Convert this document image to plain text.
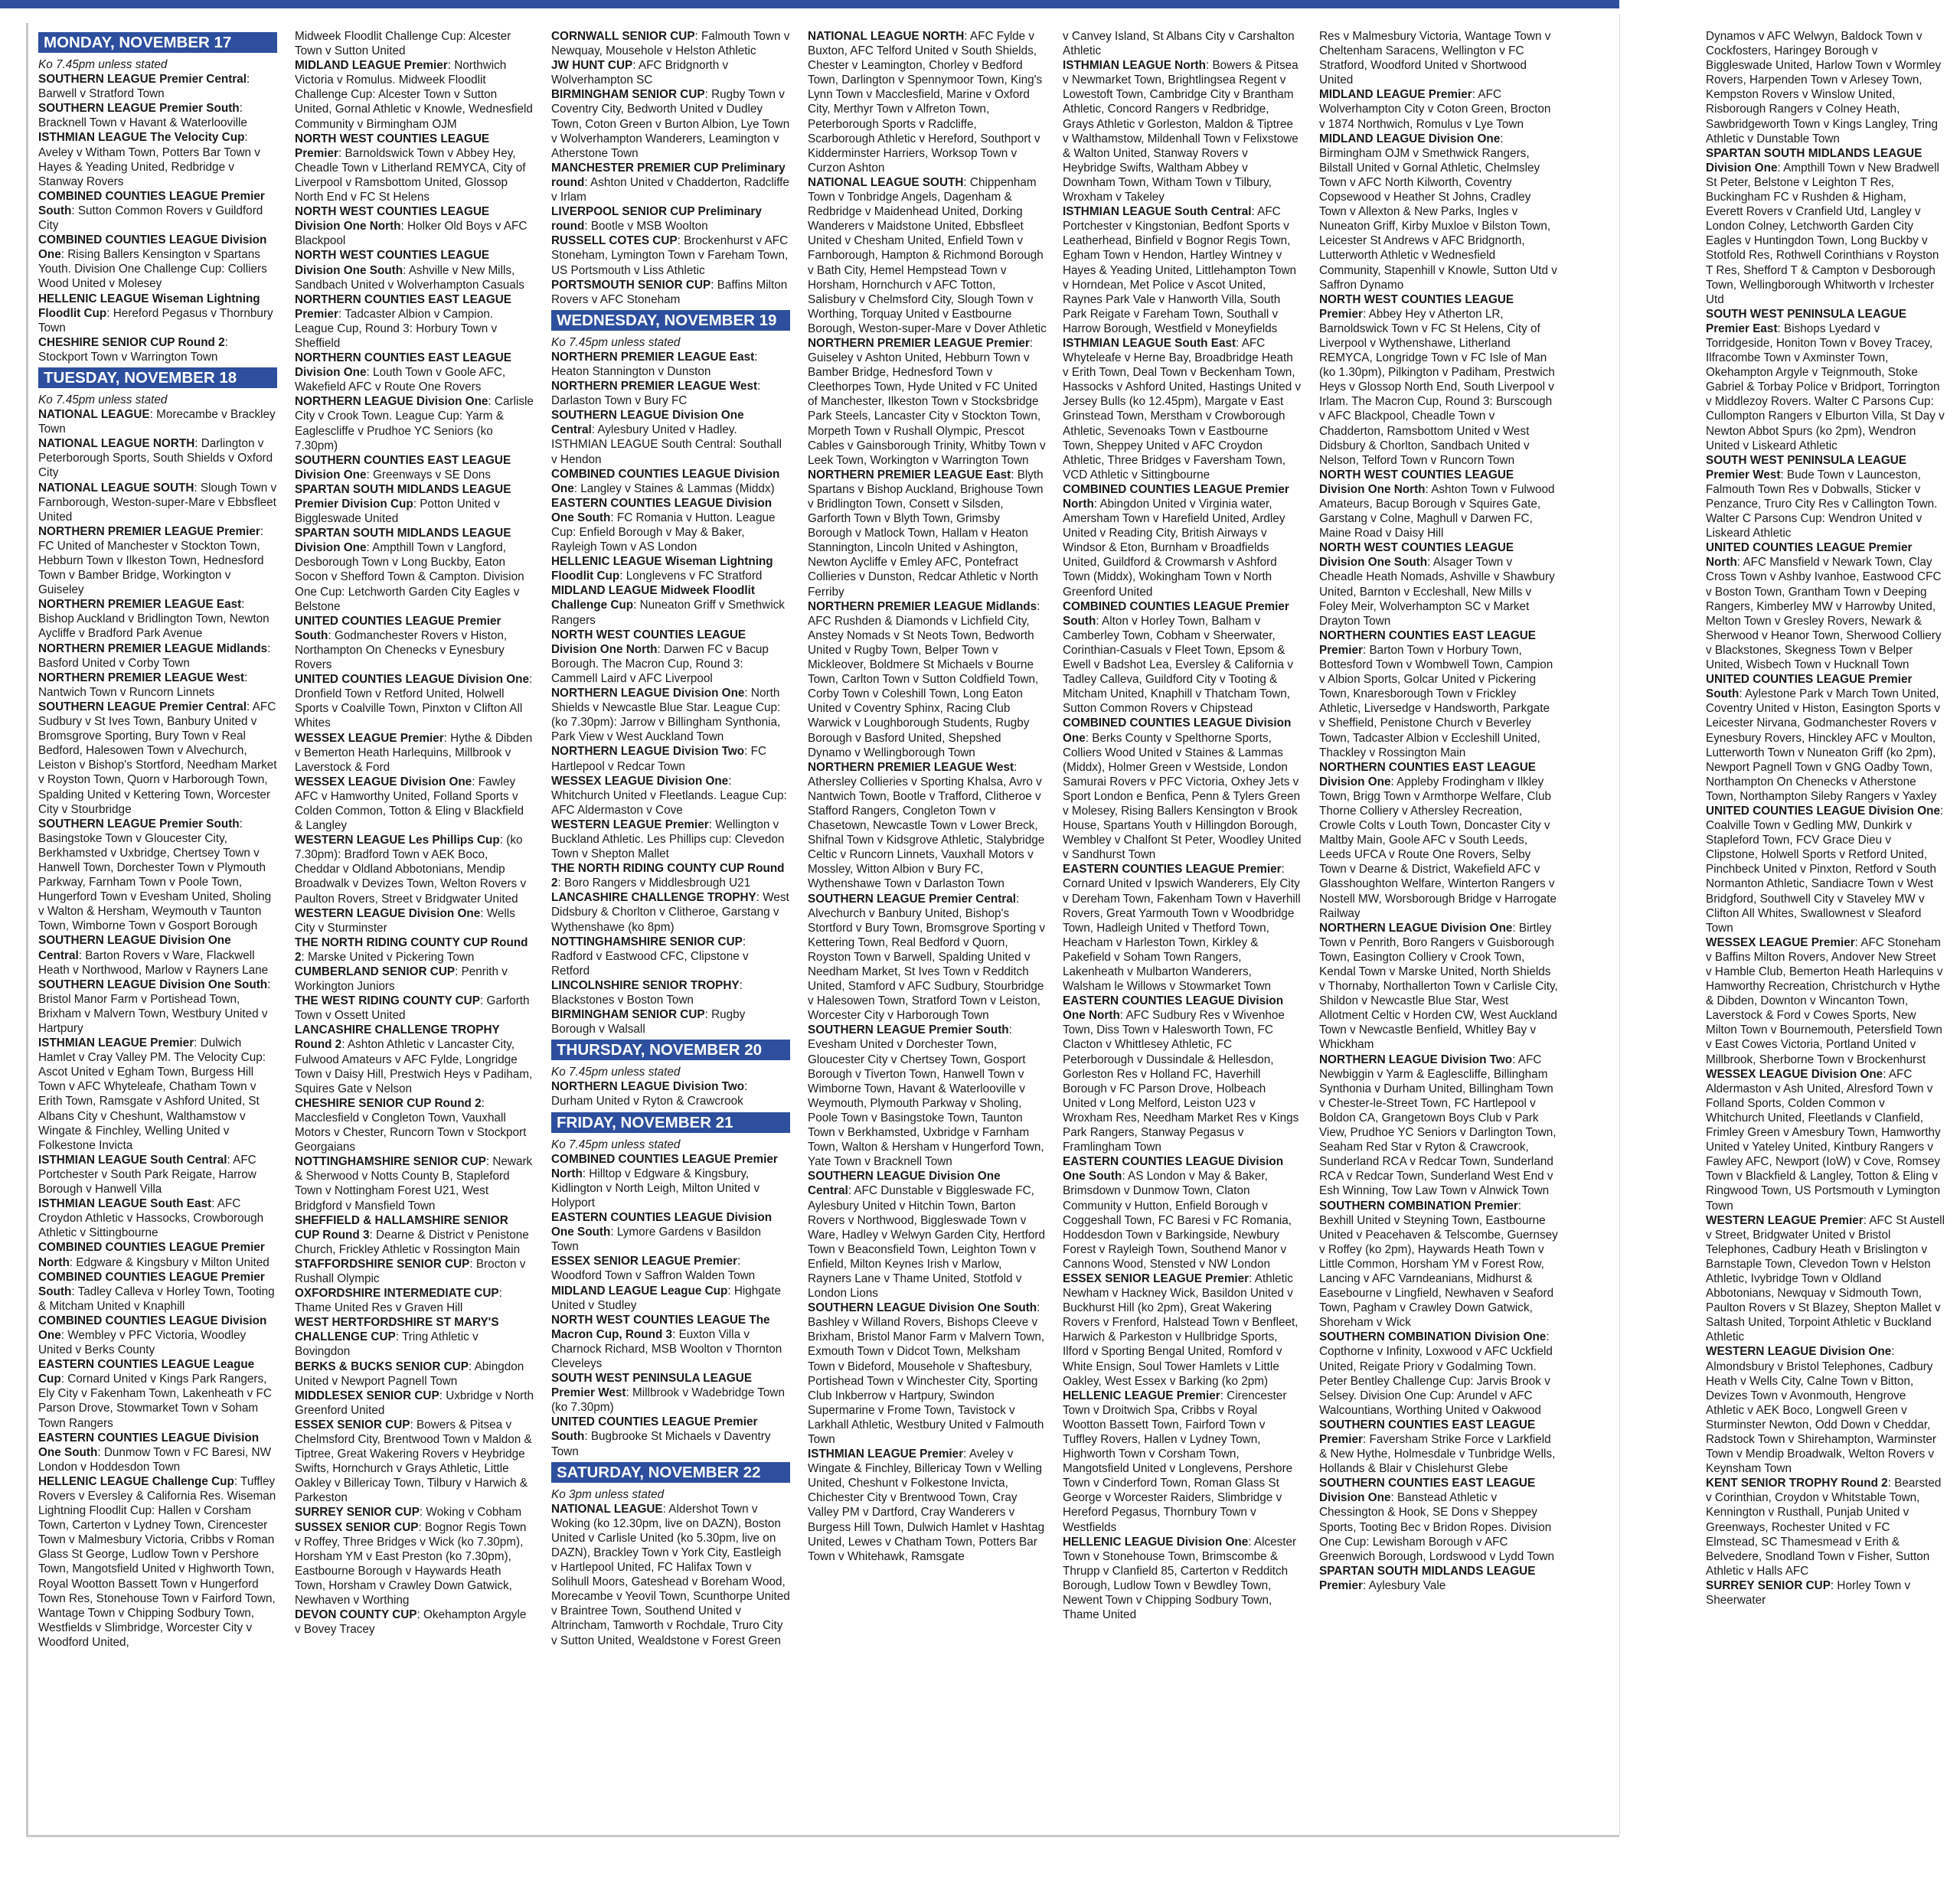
MONDAY, NOVEMBER 17

Ko 7.45pm unless stated

SOUTHERN LEAGUE Premier Central: Barwell v Stratford Town

SOUTHERN LEAGUE Premier South: Bracknell Town v Havant & Waterlooville

ISTHMIAN LEAGUE The Velocity Cup: Aveley v Witham Town, Potters Bar Town v Hayes & Yeading United, Redbridge v Stanway Rovers

COMBINED COUNTIES LEAGUE Premier South: Sutton Common Rovers v Guildford City

COMBINED COUNTIES LEAGUE Division One: Rising Ballers Kensington v Spartans Youth. Division One Challenge Cup: Colliers Wood United v Molesey

HELLENIC LEAGUE Wiseman Lightning Floodlit Cup: Hereford Pegasus v Thornbury Town

CHESHIRE SENIOR CUP Round 2: Stockport Town v Warrington Town

TUESDAY, NOVEMBER 18

Ko 7.45pm unless stated

NATIONAL LEAGUE: Morecambe v Brackley Town

NATIONAL LEAGUE NORTH: Darlington v Peterborough Sports, South Shields v Oxford City

NATIONAL LEAGUE SOUTH: Slough Town v Farnborough, Weston-super-Mare v Ebbsfleet United

NORTHERN PREMIER LEAGUE Premier: FC United of Manchester v Stockton Town, Hebburn Town v Ilkeston Town, Hednesford Town v Bamber Bridge, Workington v Guiseley

NORTHERN PREMIER LEAGUE East: Bishop Auckland v Bridlington Town, Newton Aycliffe v Bradford Park Avenue

NORTHERN PREMIER LEAGUE Midlands: Basford United v Corby Town

NORTHERN PREMIER LEAGUE West: Nantwich Town v Runcorn Linnets

SOUTHERN LEAGUE Premier Central: AFC Sudbury v St Ives Town, Banbury United v Bromsgrove Sporting, Bury Town v Real Bedford, Halesowen Town v Alvechurch, Leiston v Bishop's Stortford, Needham Market v Royston Town, Quorn v Harborough Town, Spalding United v Kettering Town, Worcester City v Stourbridge

SOUTHERN LEAGUE Premier South: Basingstoke Town v Gloucester City, Berkhamsted v Uxbridge, Chertsey Town v Hanwell Town, Dorchester Town v Plymouth Parkway, Farnham Town v Poole Town, Hungerford Town v Evesham United, Sholing v Walton & Hersham, Weymouth v Taunton Town, Wimborne Town v Gosport Borough

SOUTHERN LEAGUE Division One Central: Barton Rovers v Ware, Flackwell Heath v Northwood, Marlow v Rayners Lane

SOUTHERN LEAGUE Division One South: Bristol Manor Farm v Portishead Town, Brixham v Malvern Town, Westbury United v Hartpury

ISTHMIAN LEAGUE Premier: Dulwich Hamlet v Cray Valley PM. The Velocity Cup: Ascot United v Egham Town, Burgess Hill Town v AFC Whyteleafe, Chatham Town v Erith Town, Ramsgate v Ashford United, St Albans City v Cheshunt, Walthamstow v Wingate & Finchley, Welling United v Folkestone Invicta

ISTHMIAN LEAGUE South Central: AFC Portchester v South Park Reigate, Harrow Borough v Hanwell Villa

ISTHMIAN LEAGUE South East: AFC Croydon Athletic v Hassocks, Crowborough Athletic v Sittingbourne

COMBINED COUNTIES LEAGUE Premier North: Edgware & Kingsbury v Milton United

COMBINED COUNTIES LEAGUE Premier South: Tadley Calleva v Horley Town, Tooting & Mitcham United v Knaphill

COMBINED COUNTIES LEAGUE Division One: Wembley v PFC Victoria, Woodley United v Berks County

EASTERN COUNTIES LEAGUE League Cup: Cornard United v Kings Park Rangers, Ely City v Fakenham Town, Lakenheath v FC Parson Drove, Stowmarket Town v Soham Town Rangers

EASTERN COUNTIES LEAGUE Division One South: Dunmow Town v FC Baresi, NW London v Hoddesdon Town

HELLENIC LEAGUE Challenge Cup: Tuffley Rovers v Eversley & California Res. Wiseman Lightning Floodlit Cup: Hallen v Corsham Town, Carterton v Lydney Town, Cirencester Town v Malmesbury Victoria, Cribbs v Roman Glass St George, Ludlow Town v Pershore Town, Mangotsfield United v Highworth Town, Royal Wootton Bassett Town v Hungerford Town Res, Stonehouse Town v Fairford Town, Wantage Town v Chipping Sodbury Town, Westfields v Slimbridge, Worcester City v Woodford United,

Midweek Floodlit Challenge Cup: Alcester Town v Sutton United

MIDLAND LEAGUE Premier: Northwich Victoria v Romulus. Midweek Floodlit Challenge Cup: Alcester Town v Sutton United, Gornal Athletic v Knowle, Wednesfield Community v Birmingham OJM

NORTH WEST COUNTIES LEAGUE Premier: Barnoldswick Town v Abbey Hey, Cheadle Town v Litherland REMYCA, City of Liverpool v Ramsbottom United, Glossop North End v FC St Helens

NORTH WEST COUNTIES LEAGUE Division One North: Holker Old Boys v AFC Blackpool

NORTH WEST COUNTIES LEAGUE Division One South: Ashville v New Mills, Sandbach United v Wolverhampton Casuals

NORTHERN COUNTIES EAST LEAGUE Premier: Tadcaster Albion v Campion. League Cup, Round 3: Horbury Town v Sheffield

NORTHERN COUNTIES EAST LEAGUE Division One: Louth Town v Goole AFC, Wakefield AFC v Route One Rovers

NORTHERN LEAGUE Division One: Carlisle City v Crook Town. League Cup: Yarm & Eaglescliffe v Prudhoe YC Seniors (ko 7.30pm)

SOUTHERN COUNTIES EAST LEAGUE Division One: Greenways v SE Dons

SPARTAN SOUTH MIDLANDS LEAGUE Premier Division Cup: Potton United v Biggleswade United

SPARTAN SOUTH MIDLANDS LEAGUE Division One: Ampthill Town v Langford, Desborough Town v Long Buckby, Eaton Socon v Shefford Town & Campton. Division One Cup: Letchworth Garden City Eagles v Belstone

UNITED COUNTIES LEAGUE Premier South: Godmanchester Rovers v Histon, Northampton On Chenecks v Eynesbury Rovers

UNITED COUNTIES LEAGUE Division One: Dronfield Town v Retford United, Holwell Sports v Coalville Town, Pinxton v Clifton All Whites

WESSEX LEAGUE Premier: Hythe & Dibden v Bemerton Heath Harlequins, Millbrook v Laverstock & Ford

WESSEX LEAGUE Division One: Fawley AFC v Hamworthy United, Folland Sports v Colden Common, Totton & Eling v Blackfield & Langley

WESTERN LEAGUE Les Phillips Cup: (ko 7.30pm): Bradford Town v AEK Boco, Cheddar v Oldland Abbotonians, Mendip Broadwalk v Devizes Town, Welton Rovers v Paulton Rovers, Street v Bridgwater United

WESTERN LEAGUE Division One: Wells City v Sturminster

THE NORTH RIDING COUNTY CUP Round 2: Marske United v Pickering Town

CUMBERLAND SENIOR CUP: Penrith v Workington Juniors

THE WEST RIDING COUNTY CUP: Garforth Town v Ossett United

LANCASHIRE CHALLENGE TROPHY Round 2: Ashton Athletic v Lancaster City, Fulwood Amateurs v AFC Fylde, Longridge Town v Daisy Hill, Prestwich Heys v Padiham, Squires Gate v Nelson

CHESHIRE SENIOR CUP Round 2: Macclesfield v Congleton Town, Vauxhall Motors v Chester, Runcorn Town v Stockport Georgaians

NOTTINGHAMSHIRE SENIOR CUP: Newark & Sherwood v Notts County B, Stapleford Town v Nottingham Forest U21, West Bridgford v Mansfield Town

SHEFFIELD & HALLAMSHIRE SENIOR CUP Round 3: Dearne & District v Penistone Church, Frickley Athletic v Rossington Main

STAFFORDSHIRE SENIOR CUP: Brocton v Rushall Olympic

OXFORDSHIRE INTERMEDIATE CUP: Thame United Res v Graven Hill

WEST HERTFORDSHIRE ST MARY'S CHALLENGE CUP: Tring Athletic v Bovingdon

BERKS & BUCKS SENIOR CUP: Abingdon United v Newport Pagnell Town

MIDDLESEX SENIOR CUP: Uxbridge v North Greenford United

ESSEX SENIOR CUP: Bowers & Pitsea v Chelmsford City, Brentwood Town v Maldon & Tiptree, Great Wakering Rovers v Heybridge Swifts, Hornchurch v Grays Athletic, Little Oakley v Billericay Town, Tilbury v Harwich & Parkeston

SURREY SENIOR CUP: Woking v Cobham

SUSSEX SENIOR CUP: Bognor Regis Town v Roffey, Three Bridges v Wick (ko 7.30pm), Horsham YM v East Preston (ko 7.30pm), Eastbourne Borough v Haywards Heath Town, Horsham v Crawley Down Gatwick, Newhaven v Worthing

DEVON COUNTY CUP: Okehampton Argyle v Bovey Tracey

CORNWALL SENIOR CUP: Falmouth Town v Newquay, Mousehole v Helston Athletic

JW HUNT CUP: AFC Bridgnorth v Wolverhampton SC

BIRMINGHAM SENIOR CUP: Rugby Town v Coventry City, Bedworth United v Dudley Town, Coton Green v Burton Albion, Lye Town v Wolverhampton Wanderers, Leamington v Atherstone Town

MANCHESTER PREMIER CUP Preliminary round: Ashton United v Chadderton, Radcliffe v Irlam

LIVERPOOL SENIOR CUP Preliminary round: Bootle v MSB Woolton

RUSSELL COTES CUP: Brockenhurst v AFC Stoneham, Lymington Town v Fareham Town, US Portsmouth v Liss Athletic

PORTSMOUTH SENIOR CUP: Baffins Milton Rovers v AFC Stoneham

WEDNESDAY, NOVEMBER 19

Ko 7.45pm unless stated

NORTHERN PREMIER LEAGUE East: Heaton Stannington v Dunston

NORTHERN PREMIER LEAGUE West: Darlaston Town v Bury FC

SOUTHERN LEAGUE Division One Central: Aylesbury United v Hadley. ISTHMIAN LEAGUE South Central: Southall v Hendon

COMBINED COUNTIES LEAGUE Division One: Langley v Staines & Lammas (Middx)

EASTERN COUNTIES LEAGUE Division One South: FC Romania v Hutton. League Cup: Enfield Borough v May & Baker, Rayleigh Town v AS London

HELLENIC LEAGUE Wiseman Lightning Floodlit Cup: Longlevens v FC Stratford

MIDLAND LEAGUE Midweek Floodlit Challenge Cup: Nuneaton Griff v Smethwick Rangers

NORTH WEST COUNTIES LEAGUE Division One North: Darwen FC v Bacup Borough. The Macron Cup, Round 3: Cammell Laird v AFC Liverpool

NORTHERN LEAGUE Division One: North Shields v Newcastle Blue Star. League Cup: (ko 7.30pm): Jarrow v Billingham Synthonia, Park View v West Auckland Town

NORTHERN LEAGUE Division Two: FC Hartlepool v Redcar Town

WESSEX LEAGUE Division One: Whitchurch United v Fleetlands. League Cup: AFC Aldermaston v Cove

WESTERN LEAGUE Premier: Wellington v Buckland Athletic. Les Phillips cup: Clevedon Town v Shepton Mallet

THE NORTH RIDING COUNTY CUP Round 2: Boro Rangers v Middlesbrough U21

LANCASHIRE CHALLENGE TROPHY: West Didsbury & Chorlton v Clitheroe, Garstang v Wythenshawe (ko 8pm)

NOTTINGHAMSHIRE SENIOR CUP: Radford v Eastwood CFC, Clipstone v Retford

LINCOLNSHIRE SENIOR TROPHY: Blackstones v Boston Town

BIRMINGHAM SENIOR CUP: Rugby Borough v Walsall

THURSDAY, NOVEMBER 20

Ko 7.45pm unless stated

NORTHERN LEAGUE Division Two: Durham United v Ryton & Crawcrook

FRIDAY, NOVEMBER 21

Ko 7.45pm unless stated

COMBINED COUNTIES LEAGUE Premier North: Hilltop v Edgware & Kingsbury, Kidlington v North Leigh, Milton United v Holyport

EASTERN COUNTIES LEAGUE Division One South: Lymore Gardens v Basildon Town

ESSEX SENIOR LEAGUE Premier: Woodford Town v Saffron Walden Town

MIDLAND LEAGUE League Cup: Highgate United v Studley

NORTH WEST COUNTIES LEAGUE The Macron Cup, Round 3: Euxton Villa v Charnock Richard, MSB Woolton v Thornton Cleveleys

SOUTH WEST PENINSULA LEAGUE Premier West: Millbrook v Wadebridge Town (ko 7.30pm)

UNITED COUNTIES LEAGUE Premier South: Bugbrooke St Michaels v Daventry Town

SATURDAY, NOVEMBER 22

Ko 3pm unless stated

NATIONAL LEAGUE: Aldershot Town v Woking (ko 12.30pm, live on DAZN), Boston United v Carlisle United (ko 5.30pm, live on DAZN), Brackley Town v York City, Eastleigh v Hartlepool United, FC Halifax Town v Solihull Moors, Gateshead v Boreham Wood, Morecambe v Yeovil Town, Scunthorpe United v Braintree Town, Southend United v Altrincham, Tamworth v Rochdale, Truro City v Sutton United, Wealdstone v Forest Green

NATIONAL LEAGUE NORTH: AFC Fylde v Buxton, AFC Telford United v South Shields, Chester v Leamington, Chorley v Bedford Town, Darlington v Spennymoor Town, King's Lynn Town v Macclesfield, Marine v Oxford City, Merthyr Town v Alfreton Town, Peterborough Sports v Radcliffe, Scarborough Athletic v Hereford, Southport v Kidderminster Harriers, Worksop Town v Curzon Ashton

NATIONAL LEAGUE SOUTH: Chippenham Town v Tonbridge Angels, Dagenham & Redbridge v Maidenhead United, Dorking Wanderers v Maidstone United, Ebbsfleet United v Chesham United, Enfield Town v Farnborough, Hampton & Richmond Borough v Bath City, Hemel Hempstead Town v Horsham, Hornchurch v AFC Totton, Salisbury v Chelmsford City, Slough Town v Worthing, Torquay United v Eastbourne Borough, Weston-super-Mare v Dover Athletic

NORTHERN PREMIER LEAGUE Premier: Guiseley v Ashton United, Hebburn Town v Bamber Bridge, Hednesford Town v Cleethorpes Town, Hyde United v FC United of Manchester, Ilkeston Town v Stocksbridge Park Steels, Lancaster City v Stockton Town, Morpeth Town v Rushall Olympic, Prescot Cables v Gainsborough Trinity, Whitby Town v Leek Town, Workington v Warrington Town

NORTHERN PREMIER LEAGUE East: Blyth Spartans v Bishop Auckland, Brighouse Town v Bridlington Town, Consett v Silsden, Garforth Town v Blyth Town, Grimsby Borough v Matlock Town, Hallam v Heaton Stannington, Lincoln United v Ashington, Newton Aycliffe v Emley AFC, Pontefract Collieries v Dunston, Redcar Athletic v North Ferriby

NORTHERN PREMIER LEAGUE Midlands: AFC Rushden & Diamonds v Lichfield City, Anstey Nomads v St Neots Town, Bedworth United v Rugby Town, Belper Town v Mickleover, Boldmere St Michaels v Bourne Town, Carlton Town v Sutton Coldfield Town, Corby Town v Coleshill Town, Long Eaton United v Coventry Sphinx, Racing Club Warwick v Loughborough Students, Rugby Borough v Basford United, Shepshed Dynamo v Wellingborough Town

NORTHERN PREMIER LEAGUE West: Athersley Collieries v Sporting Khalsa, Avro v Nantwich Town, Bootle v Trafford, Clitheroe v Stafford Rangers, Congleton Town v Chasetown, Newcastle Town v Lower Breck, Shifnal Town v Kidsgrove Athletic, Stalybridge Celtic v Runcorn Linnets, Vauxhall Motors v Mossley, Witton Albion v Bury FC, Wythenshawe Town v Darlaston Town

SOUTHERN LEAGUE Premier Central: Alvechurch v Banbury United, Bishop's Stortford v Bury Town, Bromsgrove Sporting v Kettering Town, Real Bedford v Quorn, Royston Town v Barwell, Spalding United v Needham Market, St Ives Town v Redditch United, Stamford v AFC Sudbury, Stourbridge v Halesowen Town, Stratford Town v Leiston, Worcester City v Harborough Town

SOUTHERN LEAGUE Premier South: Evesham United v Dorchester Town, Gloucester City v Chertsey Town, Gosport Borough v Tiverton Town, Hanwell Town v Wimborne Town, Havant & Waterlooville v Weymouth, Plymouth Parkway v Sholing, Poole Town v Basingstoke Town, Taunton Town v Berkhamsted, Uxbridge v Farnham Town, Walton & Hersham v Hungerford Town, Yate Town v Bracknell Town

SOUTHERN LEAGUE Division One Central: AFC Dunstable v Biggleswade FC, Aylesbury United v Hitchin Town, Barton Rovers v Northwood, Biggleswade Town v Ware, Hadley v Welwyn Garden City, Hertford Town v Beaconsfield Town, Leighton Town v Enfield, Milton Keynes Irish v Marlow, Rayners Lane v Thame United, Stotfold v London Lions

SOUTHERN LEAGUE Division One South: Bashley v Willand Rovers, Bishops Cleeve v Brixham, Bristol Manor Farm v Malvern Town, Exmouth Town v Didcot Town, Melksham Town v Bideford, Mousehole v Shaftesbury, Portishead Town v Winchester City, Sporting Club Inkberrow v Hartpury, Swindon Supermarine v Frome Town, Tavistock v Larkhall Athletic, Westbury United v Falmouth Town

ISTHMIAN LEAGUE Premier: Aveley v Wingate & Finchley, Billericay Town v Welling United, Cheshunt v Folkestone Invicta, Chichester City v Brentwood Town, Cray Valley PM v Dartford, Cray Wanderers v Burgess Hill Town, Dulwich Hamlet v Hashtag United, Lewes v Chatham Town, Potters Bar Town v Whitehawk, Ramsgate

v Canvey Island, St Albans City v Carshalton Athletic

ISTHMIAN LEAGUE North: Bowers & Pitsea v Newmarket Town, Brightlingsea Regent v Lowestoft Town, Cambridge City v Brantham Athletic, Concord Rangers v Redbridge, Grays Athletic v Gorleston, Maldon & Tiptree v Walthamstow, Mildenhall Town v Felixstowe & Walton United, Stanway Rovers v Heybridge Swifts, Waltham Abbey v Downham Town, Witham Town v Tilbury, Wroxham v Takeley

ISTHMIAN LEAGUE South Central: AFC Portchester v Kingstonian, Bedfont Sports v Leatherhead, Binfield v Bognor Regis Town, Egham Town v Hendon, Hartley Wintney v Hayes & Yeading United, Littlehampton Town v Horndean, Met Police v Ascot United, Raynes Park Vale v Hanworth Villa, South Park Reigate v Fareham Town, Southall v Harrow Borough, Westfield v Moneyfields

ISTHMIAN LEAGUE South East: AFC Whyteleafe v Herne Bay, Broadbridge Heath v Erith Town, Deal Town v Beckenham Town, Hassocks v Ashford United, Hastings United v Jersey Bulls (ko 12.45pm), Margate v East Grinstead Town, Merstham v Crowborough Athletic, Sevenoaks Town v Eastbourne Town, Sheppey United v AFC Croydon Athletic, Three Bridges v Faversham Town, VCD Athletic v Sittingbourne

COMBINED COUNTIES LEAGUE Premier North: Abingdon United v Virginia water, Amersham Town v Harefield United, Ardley United v Reading City, British Airways v Windsor & Eton, Burnham v Broadfields United, Guildford & Crowmarsh v Ashford Town (Middx), Wokingham Town v North Greenford United

COMBINED COUNTIES LEAGUE Premier South: Alton v Horley Town, Balham v Camberley Town, Cobham v Sheerwater, Corinthian-Casuals v Fleet Town, Epsom & Ewell v Badshot Lea, Eversley & California v Tadley Calleva, Guildford City v Tooting & Mitcham United, Knaphill v Thatcham Town, Sutton Common Rovers v Chipstead

COMBINED COUNTIES LEAGUE Division One: Berks County v Spelthorne Sports, Colliers Wood United v Staines & Lammas (Middx), Holmer Green v Westside, London Samurai Rovers v PFC Victoria, Oxhey Jets v Sport London e Benfica, Penn & Tylers Green v Molesey, Rising Ballers Kensington v Brook House, Spartans Youth v Hillingdon Borough, Wembley v Chalfont St Peter, Woodley United v Sandhurst Town

EASTERN COUNTIES LEAGUE Premier: Cornard United v Ipswich Wanderers, Ely City v Dereham Town, Fakenham Town v Haverhill Rovers, Great Yarmouth Town v Woodbridge Town, Hadleigh United v Thetford Town, Heacham v Harleston Town, Kirkley & Pakefield v Soham Town Rangers, Lakenheath v Mulbarton Wanderers, Walsham le Willows v Stowmarket Town

EASTERN COUNTIES LEAGUE Division One North: AFC Sudbury Res v Wivenhoe Town, Diss Town v Halesworth Town, FC Clacton v Whittlesey Athletic, FC Peterborough v Dussindale & Hellesdon, Gorleston Res v Holland FC, Haverhill Borough v FC Parson Drove, Holbeach United v Long Melford, Leiston U23 v Wroxham Res, Needham Market Res v Kings Park Rangers, Stanway Pegasus v Framlingham Town

EASTERN COUNTIES LEAGUE Division One South: AS London v May & Baker, Brimsdown v Dunmow Town, Claton Community v Hutton, Enfield Borough v Coggeshall Town, FC Baresi v FC Romania, Hoddesdon Town v Barkingside, Newbury Forest v Rayleigh Town, Southend Manor v Cannons Wood, Stensted v NW London

ESSEX SENIOR LEAGUE Premier: Athletic Newham v Hackney Wick, Basildon United v Buckhurst Hill (ko 2pm), Great Wakering Rovers v Frenford, Halstead Town v Benfleet, Harwich & Parkeston v Hullbridge Sports, Ilford v Sporting Bengal United, Romford v White Ensign, Soul Tower Hamlets v Little Oakley, West Essex v Barking (ko 2pm)

HELLENIC LEAGUE Premier: Cirencester Town v Droitwich Spa, Cribbs v Royal Wootton Bassett Town, Fairford Town v Tuffley Rovers, Hallen v Lydney Town, Highworth Town v Corsham Town, Mangotsfield United v Longlevens, Pershore Town v Cinderford Town, Roman Glass St George v Worcester Raiders, Slimbridge v Hereford Pegasus, Thornbury Town v Westfields

HELLENIC LEAGUE Division One: Alcester Town v Stonehouse Town, Brimscombe & Thrupp v Clanfield 85, Carterton v Redditch Borough, Ludlow Town v Bewdley Town, Newent Town v Chipping Sodbury Town, Thame United

Res v Malmesbury Victoria, Wantage Town v Cheltenham Saracens, Wellington v FC Stratford, Woodford United v Shortwood United

MIDLAND LEAGUE Premier: AFC Wolverhampton City v Coton Green, Brocton v 1874 Northwich, Romulus v Lye Town

MIDLAND LEAGUE Division One: Birmingham OJM v Smethwick Rangers, Bilstall United v Gornal Athletic, Chelmsley Town v AFC North Kilworth, Coventry Copsewood v Heather St Johns, Cradley Town v Allexton & New Parks, Ingles v Nuneaton Griff, Kirby Muxloe v Bilston Town, Leicester St Andrews v AFC Bridgnorth, Lutterworth Athletic v Wednesfield Community, Stapenhill v Knowle, Sutton Utd v Saffron Dynamo

NORTH WEST COUNTIES LEAGUE Premier: Abbey Hey v Atherton LR, Barnoldswick Town v FC St Helens, City of Liverpool v Wythenshawe, Litherland REMYCA, Longridge Town v FC Isle of Man (ko 1.30pm), Pilkington v Padiham, Prestwich Heys v Glossop North End, South Liverpool v Irlam. The Macron Cup, Round 3: Burscough v AFC Blackpool, Cheadle Town v Chadderton, Ramsbottom United v West Didsbury & Chorlton, Sandbach United v Nelson, Telford Town v Runcorn Town

NORTH WEST COUNTIES LEAGUE Division One North: Ashton Town v Fulwood Amateurs, Bacup Borough v Squires Gate, Garstang v Colne, Maghull v Darwen FC, Maine Road v Daisy Hill

NORTH WEST COUNTIES LEAGUE Division One South: Alsager Town v Cheadle Heath Nomads, Ashville v Shawbury United, Barnton v Eccleshall, New Mills v Foley Meir, Wolverhampton SC v Market Drayton Town

NORTHERN COUNTIES EAST LEAGUE Premier: Barton Town v Horbury Town, Bottesford Town v Wombwell Town, Campion v Albion Sports, Golcar United v Pickering Town, Knaresborough Town v Frickley Athletic, Liversedge v Handsworth, Parkgate v Sheffield, Penistone Church v Beverley Town, Tadcaster Albion v Eccleshill United, Thackley v Rossington Main

NORTHERN COUNTIES EAST LEAGUE Division One: Appleby Frodingham v Ilkley Town, Brigg Town v Armthorpe Welfare, Club Thorne Colliery v Athersley Recreation, Crowle Colts v Louth Town, Doncaster City v Maltby Main, Goole AFC v South Leeds, Leeds UFCA v Route One Rovers, Selby Town v Dearne & District, Wakefield AFC v Glasshoughton Welfare, Winterton Rangers v Nostell MW, Worsborough Bridge v Harrogate Railway

NORTHERN LEAGUE Division One: Birtley Town v Penrith, Boro Rangers v Guisborough Town, Easington Colliery v Crook Town, Kendal Town v Marske United, North Shields v Thornaby, Northallerton Town v Carlisle City, Shildon v Newcastle Blue Star, West Allotment Celtic v Horden CW, West Auckland Town v Newcastle Benfield, Whitley Bay v Whickham

NORTHERN LEAGUE Division Two: AFC Newbiggin v Yarm & Eaglescliffe, Billingham Synthonia v Durham United, Billingham Town v Chester-le-Street Town, FC Hartlepool v Boldon CA, Grangetown Boys Club v Park View, Prudhoe YC Seniors v Darlington Town, Seaham Red Star v Ryton & Crawcrook, Sunderland RCA v Redcar Town, Sunderland RCA v Redcar Town, Sunderland West End v Esh Winning, Tow Law Town v Alnwick Town

SOUTHERN COMBINATION Premier: Bexhill United v Steyning Town, Eastbourne United v Peacehaven & Telscombe, Guernsey v Roffey (ko 2pm), Haywards Heath Town v Little Common, Horsham YM v Forest Row, Lancing v AFC Varndeanians, Midhurst & Easebourne v Lingfield, Newhaven v Seaford Town, Pagham v Crawley Down Gatwick, Shoreham v Wick

SOUTHERN COMBINATION Division One: Copthorne v Infinity, Loxwood v AFC Uckfield United, Reigate Priory v Godalming Town. Peter Bentley Challenge Cup: Jarvis Brook v Selsey. Division One Cup: Arundel v AFC Walcountians, Worthing United v Oakwood

SOUTHERN COUNTIES EAST LEAGUE Premier: Faversham Strike Force v Larkfield & New Hythe, Holmesdale v Tunbridge Wells, Hollands & Blair v Chislehurst Glebe

SOUTHERN COUNTIES EAST LEAGUE Division One: Banstead Athletic v Chessington & Hook, SE Dons v Sheppey Sports, Tooting Bec v Bridon Ropes. Division One Cup: Lewisham Borough v AFC Greenwich Borough, Lordswood v Lydd Town

SPARTAN SOUTH MIDLANDS LEAGUE Premier: Aylesbury Vale

Dynamos v AFC Welwyn, Baldock Town v Cockfosters, Haringey Borough v Biggleswade United, Harlow Town v Wormley Rovers, Harpenden Town v Arlesey Town, Kempston Rovers v Winslow United, Risborough Rangers v Colney Heath, Sawbridgeworth Town v Kings Langley, Tring Athletic v Dunstable Town

SPARTAN SOUTH MIDLANDS LEAGUE Division One: Ampthill Town v New Bradwell St Peter, Belstone v Leighton T Res, Buckingham FC v Rushden & Higham, Everett Rovers v Cranfield Utd, Langley v London Colney, Letchworth Garden City Eagles v Huntingdon Town, Long Buckby v Stotfold Res, Rothwell Corinthians v Royston T Res, Shefford T & Campton v Desborough Town, Wellingborough Whitworth v Irchester Utd

SOUTH WEST PENINSULA LEAGUE Premier East: Bishops Lyedard v Torridgeside, Honiton Town v Bovey Tracey, Ilfracombe Town v Axminster Town, Okehampton Argyle v Teignmouth, Stoke Gabriel & Torbay Police v Bridport, Torrington v Middlezoy Rovers. Walter C Parsons Cup: Cullompton Rangers v Elburton Villa, St Day v Newton Abbot Spurs (ko 2pm), Wendron United v Liskeard Athletic

SOUTH WEST PENINSULA LEAGUE Premier West: Bude Town v Launceston, Falmouth Town Res v Dobwalls, Sticker v Penzance, Truro City Res v Callington Town. Walter C Parsons Cup: Wendron United v Liskeard Athletic

UNITED COUNTIES LEAGUE Premier North: AFC Mansfield v Newark Town, Clay Cross Town v Ashby Ivanhoe, Eastwood CFC v Boston Town, Grantham Town v Deeping Rangers, Kimberley MW v Harrowby United, Melton Town v Gresley Rovers, Newark & Sherwood v Heanor Town, Sherwood Colliery v Blackstones, Skegness Town v Belper United, Wisbech Town v Hucknall Town

UNITED COUNTIES LEAGUE Premier South: Aylestone Park v March Town United, Coventry United v Histon, Easington Sports v Leicester Nirvana, Godmanchester Rovers v Eynesbury Rovers, Hinckley AFC v Moulton, Lutterworth Town v Nuneaton Griff (ko 2pm), Newport Pagnell Town v GNG Oadby Town, Northampton On Chenecks v Atherstone Town, Northampton Sileby Rangers v Yaxley

UNITED COUNTIES LEAGUE Division One: Coalville Town v Gedling MW, Dunkirk v Stapleford Town, FCV Grace Dieu v Clipstone, Holwell Sports v Retford United, Pinchbeck United v Pinxton, Retford v South Normanton Athletic, Sandiacre Town v West Bridgford, Southwell City v Staveley MW v Clifton All Whites, Swallownest v Sleaford Town

WESSEX LEAGUE Premier: AFC Stoneham v Baffins Milton Rovers, Andover New Street v Hamble Club, Bemerton Heath Harlequins v Hamworthy Recreation, Christchurch v Hythe & Dibden, Downton v Wincanton Town, Laverstock & Ford v Cowes Sports, New Milton Town v Bournemouth, Petersfield Town v East Cowes Victoria, Portland United v Millbrook, Sherborne Town v Brockenhurst

WESSEX LEAGUE Division One: AFC Aldermaston v Ash United, Alresford Town v Folland Sports, Colden Common v Whitchurch United, Fleetlands v Clanfield, Frimley Green v Amesbury Town, Hamworthy United v Yateley United, Kintbury Rangers v Fawley AFC, Newport (IoW) v Cove, Romsey Town v Blackfield & Langley, Totton & Eling v Ringwood Town, US Portsmouth v Lymington Town

WESTERN LEAGUE Premier: AFC St Austell v Street, Bridgwater United v Bristol Telephones, Cadbury Heath v Brislington v Barnstaple Town, Clevedon Town v Helston Athletic, Ivybridge Town v Oldland Abbotonians, Newquay v Sidmouth Town, Paulton Rovers v St Blazey, Shepton Mallet v Saltash United, Torpoint Athletic v Buckland Athletic

WESTERN LEAGUE Division One: Almondsbury v Bristol Telephones, Cadbury Heath v Wells City, Calne Town v Bitton, Devizes Town v Avonmouth, Hengrove Athletic v AEK Boco, Longwell Green v Sturminster Newton, Odd Down v Cheddar, Radstock Town v Shirehampton, Warminster Town v Mendip Broadwalk, Welton Rovers v Keynsham Town

KENT SENIOR TROPHY Round 2: Bearsted v Corinthian, Croydon v Whitstable Town, Kennington v Rusthall, Punjab United v Greenways, Rochester United v FC Elmstead, SC Thamesmead v Erith & Belvedere, Snodland Town v Fisher, Sutton Athletic v Halls AFC

SURREY SENIOR CUP: Horley Town v Sheerwater
